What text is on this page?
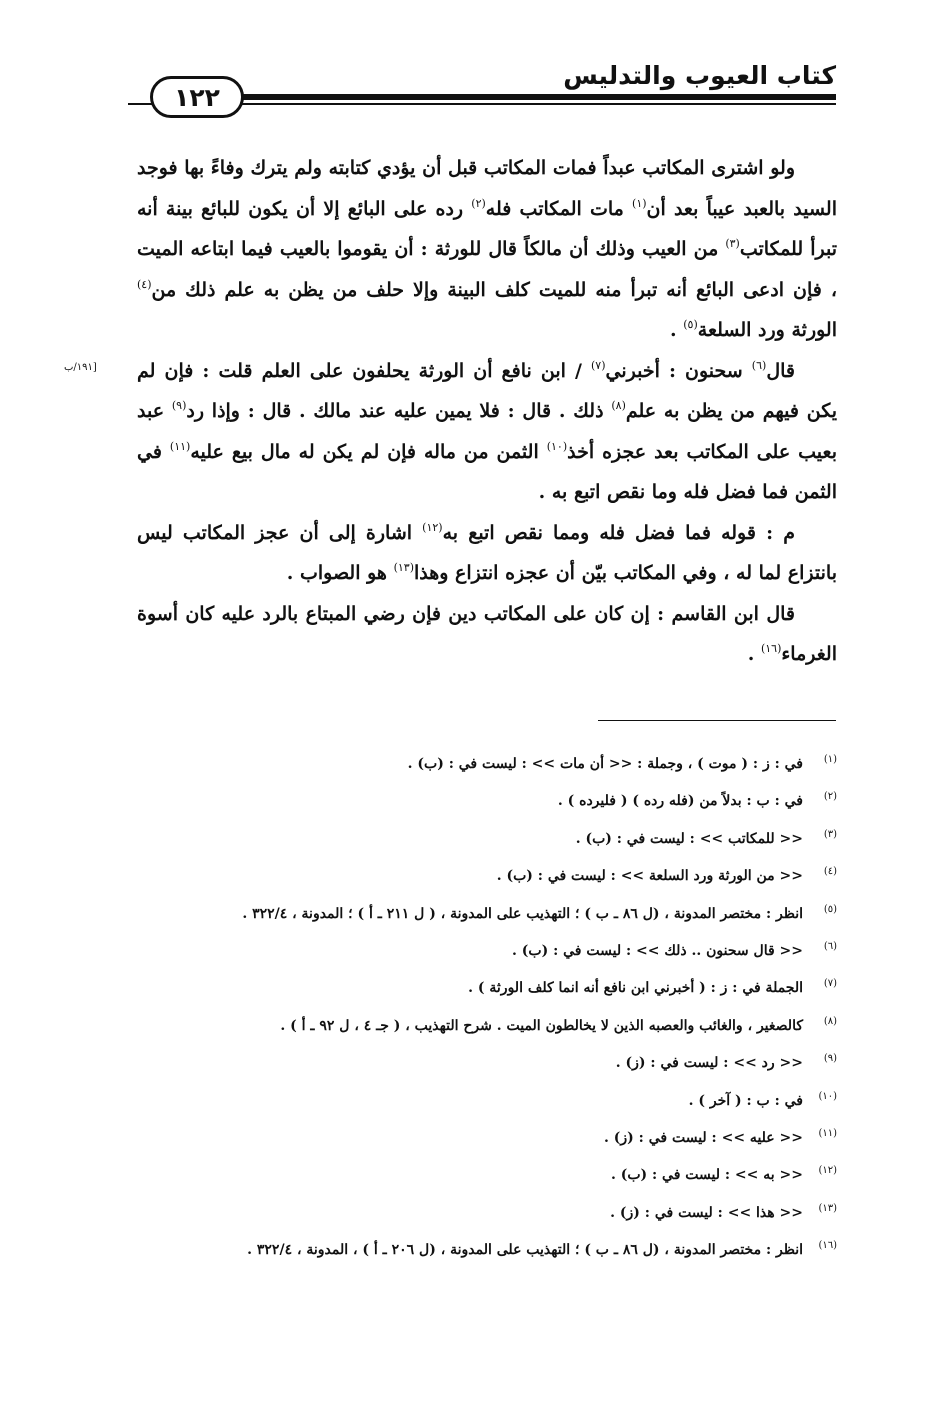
١٢٢
كتاب العيوب والتدليس
[١٩١/ب

ولو اشترى المكاتب عبداً فمات المكاتب قبل أن يؤدي كتابته ولم يترك وفاءً بها فوجد السيد بالعبد عيباً بعد أن$^{(١)}$ مات المكاتب فله$^{(٢)}$ رده على البائع إلا أن يكون للبائع بينة أنه تبرأ للمكاتب$^{(٣)}$ من العيب وذلك أن مالكاً قال للورثة : أن يقوموا بالعيب فيما ابتاعه الميت ، فإن ادعى البائع أنه تبرأ منه للميت كلف البينة وإلا حلف من يظن به علم ذلك من$^{(٤)}$ الورثة ورد السلعة$^{(٥)}$ .

قال$^{(٦)}$ سحنون : أخبرني$^{(٧)}$ / ابن نافع أن الورثة يحلفون على العلم قلت : فإن لم يكن فيهم من يظن به علم$^{(٨)}$ ذلك . قال : فلا يمين عليه عند مالك . قال : وإذا رد$^{(٩)}$ عبد بعيب على المكاتب بعد عجزه أخذ$^{(١٠)}$ الثمن من ماله فإن لم يكن له مال بيع عليه$^{(١١)}$ في الثمن فما فضل فله وما نقص اتبع به .

م : قوله فما فضل فله ومما نقص اتبع به$^{(١٢)}$ اشارة إلى أن عجز المكاتب ليس بانتزاع لما له ، وفي المكاتب بيّن أن عجزه انتزاع وهذا$^{(١٣)}$ هو الصواب .

قال ابن القاسم : إن كان على المكاتب دين فإن رضي المبتاع بالرد عليه كان أسوة الغرماء$^{(١٦)}$ .

(١)في : ز : ( موت ) ، وجملة : << أن مات >> : ليست في : (ب) .
(٢)في : ب : بدلاً من (فله رده ) ( فليرده ) .
(٣)<< للمكاتب >> : ليست في : (ب) .
(٤)<< من الورثة ورد السلعة >> : ليست في : (ب) .
(٥)انظر : مختصر المدونة ، (ل ٨٦ ـ ب ) ؛ التهذيب على المدونة ، ( ل ٢١١ ـ أ ) ؛ المدونة ، ٣٢٢/٤ .
(٦)<< قال سحنون .. ذلك >> : ليست في : (ب) .
(٧)الجملة في : ز : ( أخبرني ابن نافع أنه انما كلف الورثة ) .
(٨)كالصغير ، والغائب والعصبه الذين لا يخالطون الميت . شرح التهذيب ، ( جـ ٤ ، ل ٩٢ ـ أ ) .
(٩)<< رد >> : ليست في : (ز) .
(١٠)في : ب : ( آخر ) .
(١١)<< عليه >> : ليست في : (ز) .
(١٢)<< به >> : ليست في : (ب) .
(١٣)<< هذا >> : ليست في : (ز) .
(١٦)انظر : مختصر المدونة ، (ل ٨٦ ـ ب ) ؛ التهذيب على المدونة ، (ل ٢٠٦ ـ أ ) ، المدونة ، ٣٢٢/٤ .
